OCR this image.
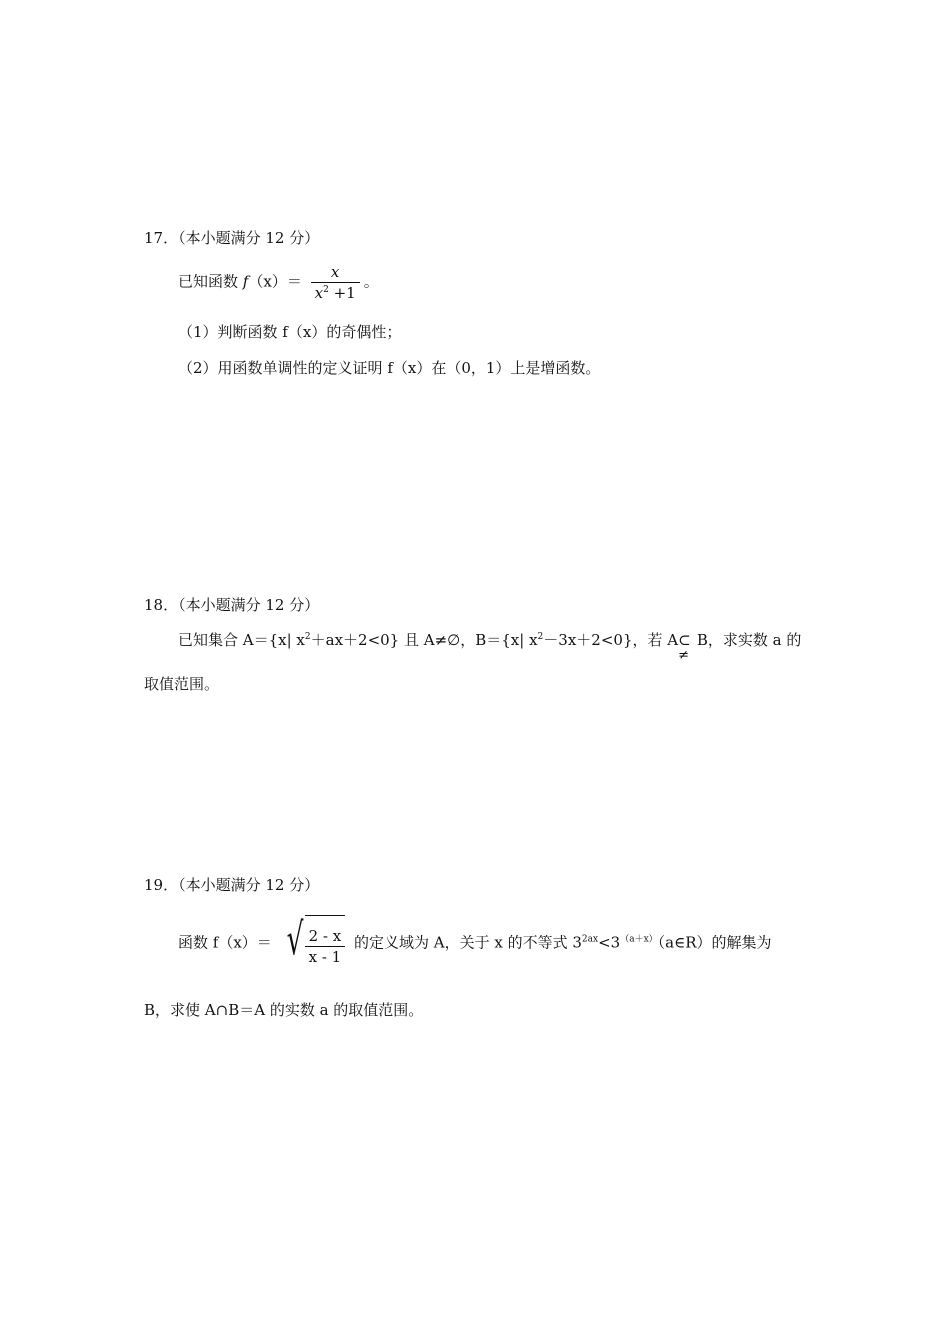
17．（本小题满分 12 分）
已知函数 $f(x)= \frac{x}{x^2 +1}$ 。
（1）判断函数 f（x）的奇偶性；
（2）用函数单调性的定义证明 f（x）在（0，1）上是增函数。
18．（本小题满分 12 分）
已知集合 A＝{x| $x^2+ax+2<0$} 且 A≠∅，B＝{x| $x^2-3x+2<0$}，若 A⊂
≠
B，求实数 a 的
取值范围。
19．（本小题满分 12 分）
函数 f（x）＝ √ $\frac{2 - x}{x - 1}$ 的定义域为 A，关于 x 的不等式 $3^{2ax}<3^{(a+x)}(a\in R)$的解集为
B，求使 A∩B＝A 的实数 a 的取值范围。
